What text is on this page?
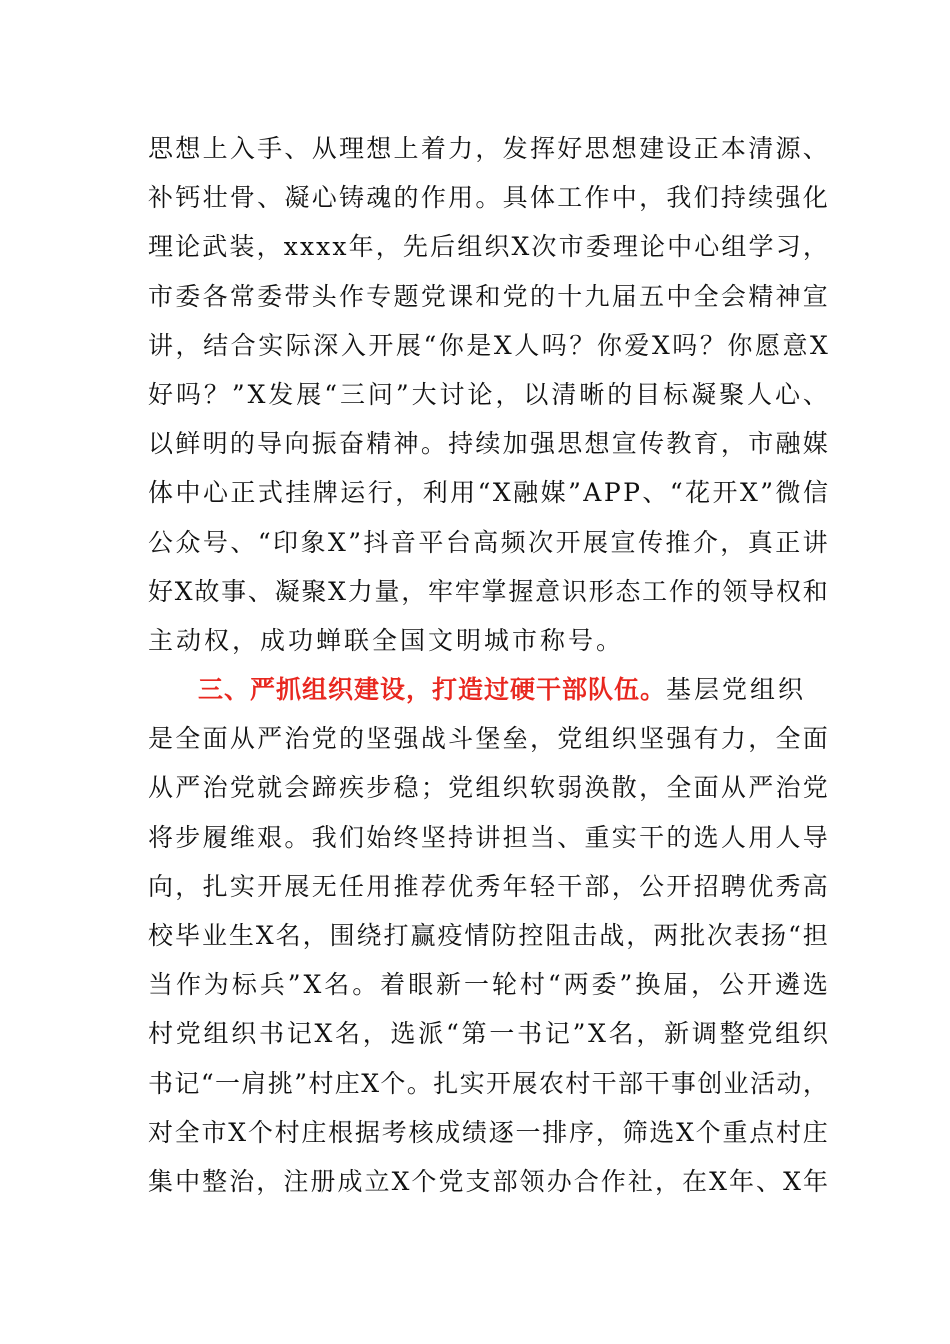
思 想 上 入 手 、 从 理 想 上 着 力 ， 发 挥 好 思 想 建 设 正 本 清 源 、
补 钙 壮 骨 、 凝 心 铸 魂 的 作 用 。 具 体 工 作 中 ， 我 们 持 续 强 化
理 论 武 装 ， x x x x 年 ， 先 后 组 织 X 次 市 委 理 论 中 心 组 学 习 ，
市 委 各 常 委 带 头 作 专 题 党 课 和 党 的 十 九 届 五 中 全 会 精 神 宣
讲 ， 结 合 实 际 深 入 开 展 “ 你 是 X 人 吗 ？ 你 爱 X 吗 ？ 你 愿 意 X
好 吗 ？ ” X 发 展 “ 三 问 ” 大 讨 论 ， 以 清 晰 的 目 标 凝 聚 人 心 、
以 鲜 明 的 导 向 振 奋 精 神 。 持 续 加 强 思 想 宣 传 教 育 ， 市 融 媒
体 中 心 正 式 挂 牌 运 行 ， 利 用 “ X 融 媒 ” A P P 、 “ 花 开 X ” 微 信
公 众 号 、 “ 印 象 X ” 抖 音 平 台 高 频 次 开 展 宣 传 推 介 ， 真 正 讲
好 X 故 事 、 凝 聚 X 力 量 ， 牢 牢 掌 握 意 识 形 态 工 作 的 领 导 权 和
主动权，成功蝉联全国文明城市称号。
三、严抓组织建设，打造过硬干部队伍。 基层党组织
是 全 面 从 严 治 党 的 坚 强 战 斗 堡 垒 ， 党 组 织 坚 强 有 力 ， 全 面
从 严 治 党 就 会 蹄 疾 步 稳 ； 党 组 织 软 弱 涣 散 ， 全 面 从 严 治 党
将 步 履 维 艰 。 我 们 始 终 坚 持 讲 担 当 、 重 实 干 的 选 人 用 人 导
向 ， 扎 实 开 展 无 任 用 推 荐 优 秀 年 轻 干 部 ， 公 开 招 聘 优 秀 高
校 毕 业 生 X 名 ， 围 绕 打 赢 疫 情 防 控 阻 击 战 ， 两 批 次 表 扬 “ 担
当 作 为 标 兵 ” X 名 。 着 眼 新 一 轮 村 “ 两 委 ” 换 届 ， 公 开 遴 选
村 党 组 织 书 记 X 名 ， 选 派 “ 第 一 书 记 ” X 名 ， 新 调 整 党 组 织
书 记 “ 一 肩 挑 ” 村 庄 X 个 。 扎 实 开 展 农 村 干 部 干 事 创 业 活 动 ，
对 全 市 X 个 村 庄 根 据 考 核 成 绩 逐 一 排 序 ， 筛 选 X 个 重 点 村 庄
集 中 整 治 ， 注 册 成 立 X 个 党 支 部 领 办 合 作 社 ， 在 X 年 、 X 年
